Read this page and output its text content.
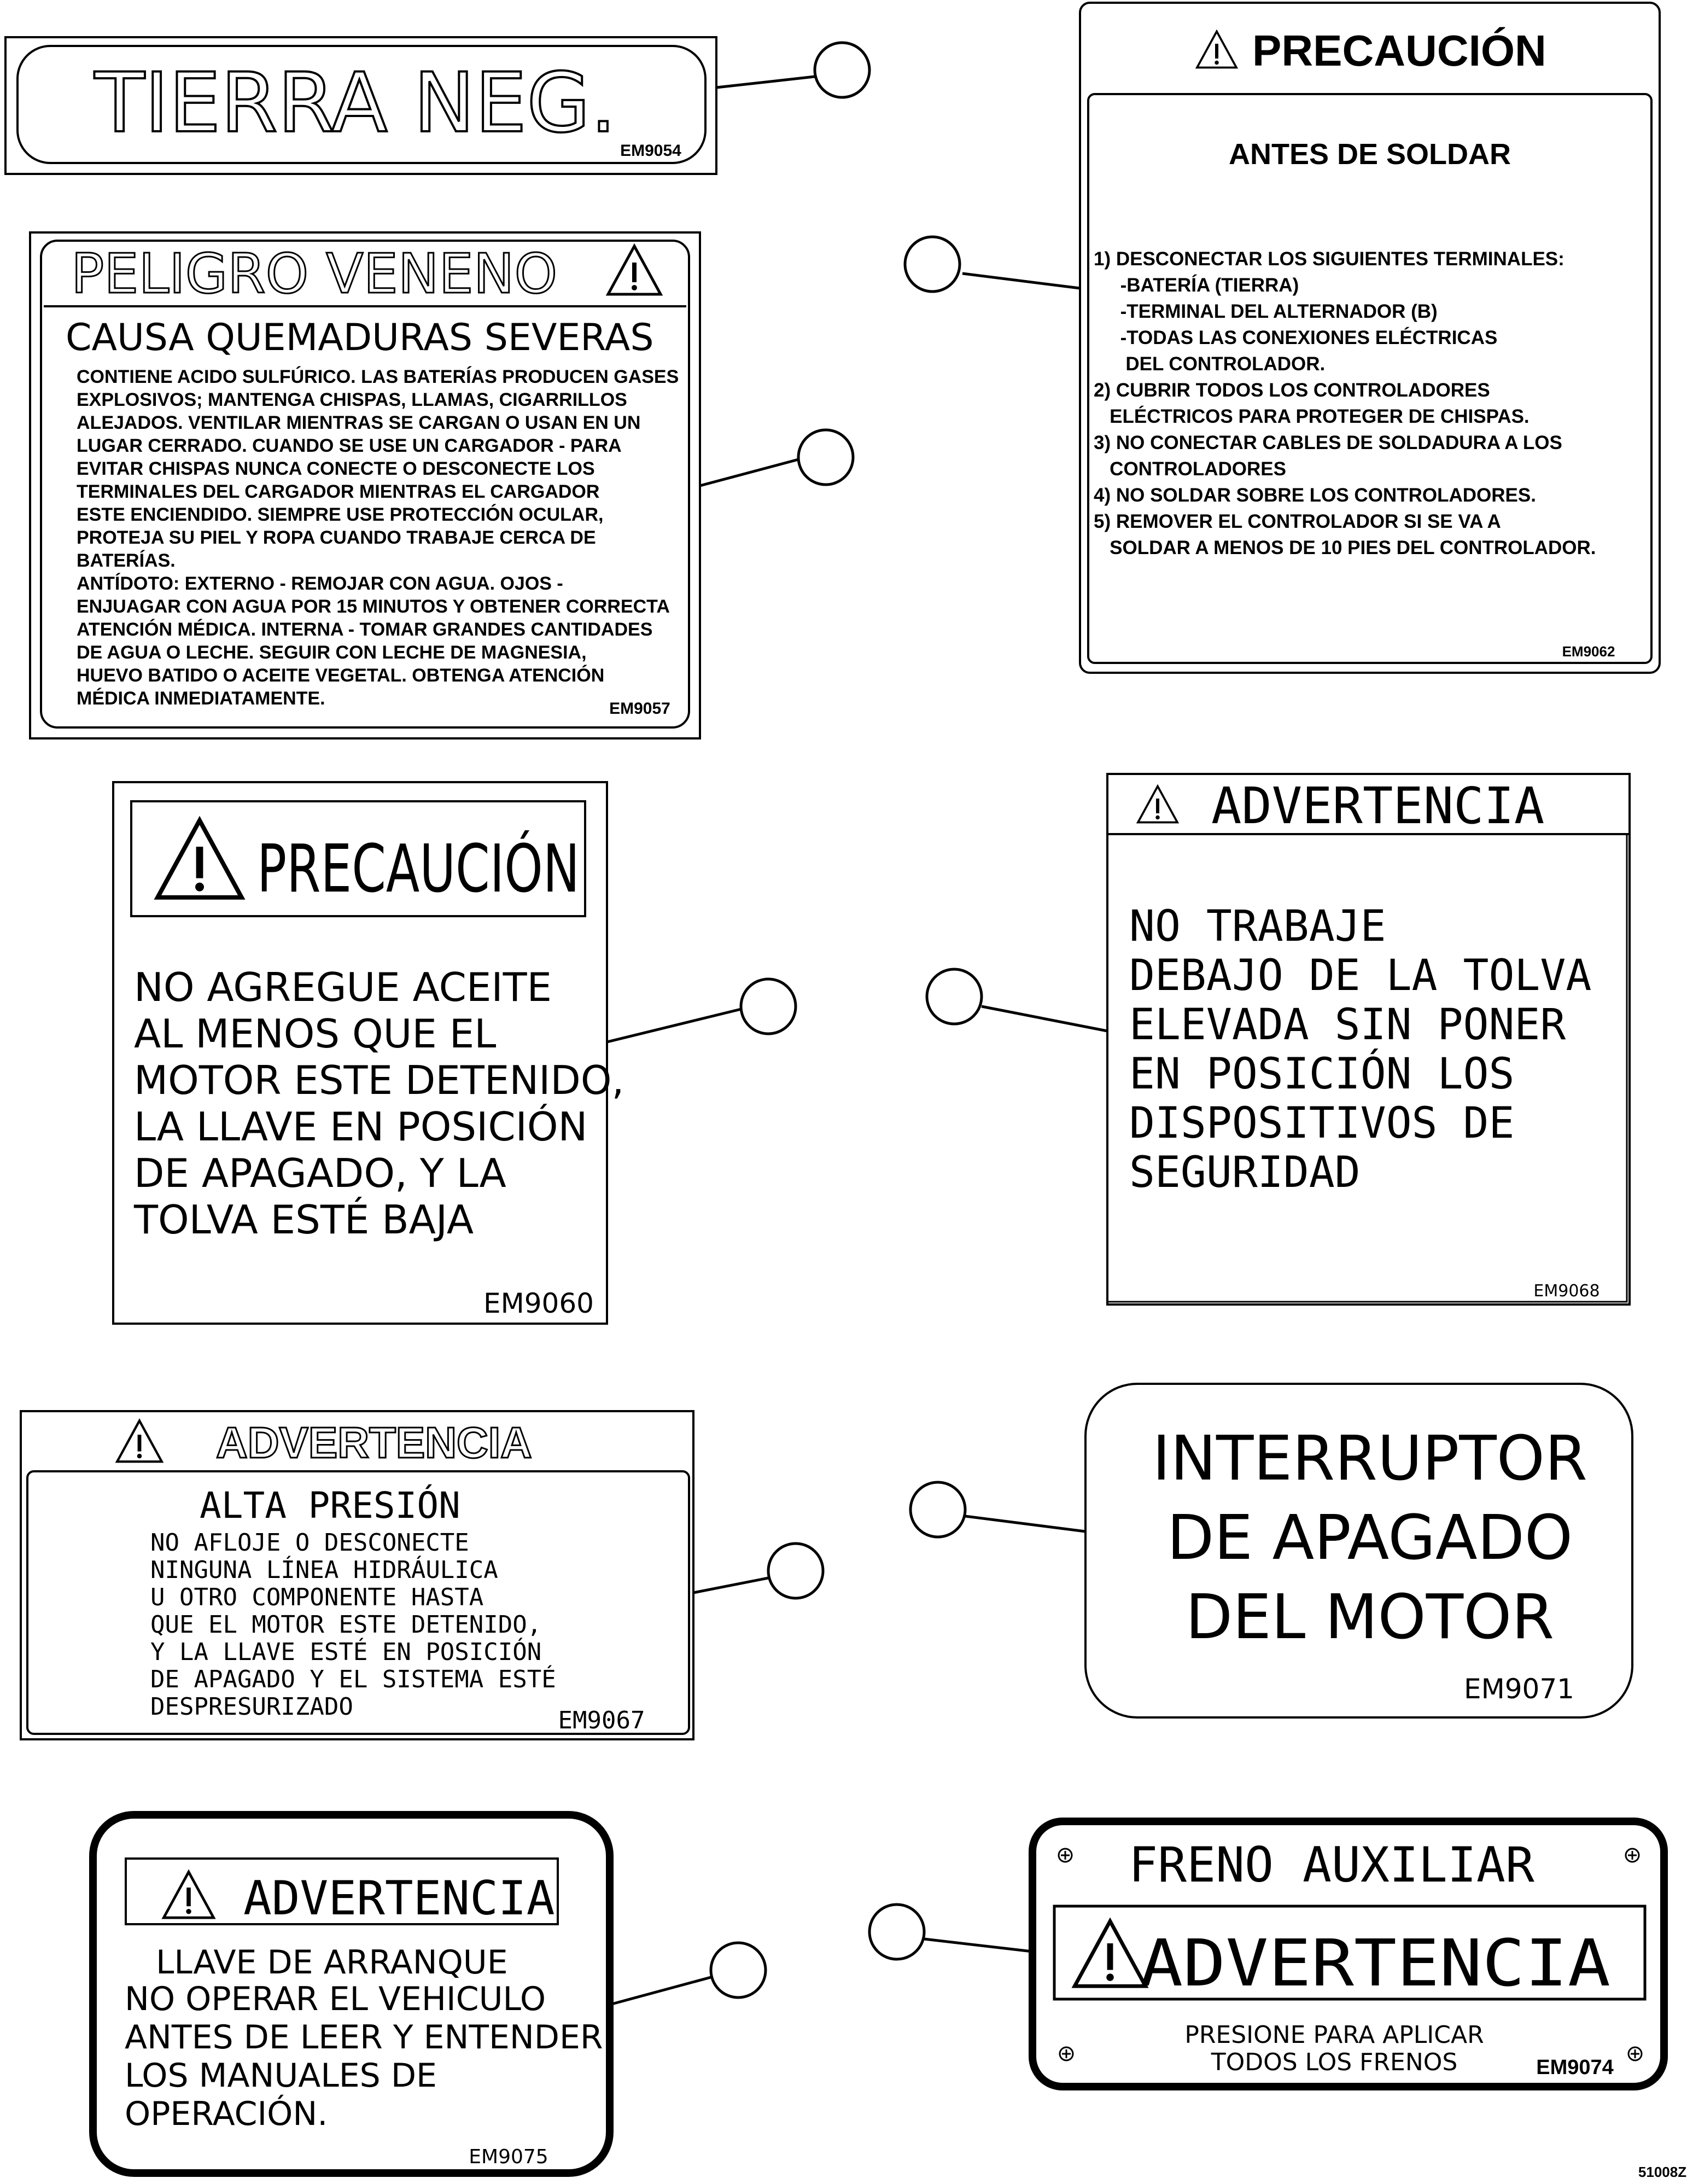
TIERRA NEG. EM9054
PELIGRO VENENO
CAUSA QUEMADURAS SEVERAS
CONTIENE ACIDO SULFÚRICO. LAS BATERÍAS PRODUCEN GASES
EXPLOSIVOS; MANTENGA CHISPAS, LLAMAS, CIGARRILLOS
ALEJADOS. VENTILAR MIENTRAS SE CARGAN O USAN EN UN
LUGAR CERRADO. CUANDO SE USE UN CARGADOR - PARA
EVITAR CHISPAS NUNCA CONECTE O DESCONECTE LOS
TERMINALES DEL CARGADOR MIENTRAS EL CARGADOR
ESTE ENCIENDIDO. SIEMPRE USE PROTECCIÓN OCULAR,
PROTEJA SU PIEL Y ROPA CUANDO TRABAJE CERCA DE
BATERÍAS.
ANTÍDOTO: EXTERNO - REMOJAR CON AGUA. OJOS -
ENJUAGAR CON AGUA POR 15 MINUTOS Y OBTENER CORRECTA
ATENCIÓN MÉDICA. INTERNA - TOMAR GRANDES CANTIDADES
DE AGUA O LECHE. SEGUIR CON LECHE DE MAGNESIA,
HUEVO BATIDO O ACEITE VEGETAL. OBTENGA ATENCIÓN
MÉDICA INMEDIATAMENTE.	EM9057
PRECAUCIÓN
ANTES DE SOLDAR
1) DESCONECTAR LOS SIGUIENTES TERMINALES:
-BATERÍA (TIERRA)
-TERMINAL DEL ALTERNADOR (B)
-TODAS LAS CONEXIONES ELÉCTRICAS
DEL CONTROLADOR.
2) CUBRIR TODOS LOS CONTROLADORES
ELÉCTRICOS PARA PROTEGER DE CHISPAS.
3) NO CONECTAR CABLES DE SOLDADURA A LOS
CONTROLADORES
4) NO SOLDAR SOBRE LOS CONTROLADORES.
5) REMOVER EL CONTROLADOR SI SE VA A
SOLDAR A MENOS DE 10 PIES DEL CONTROLADOR.
EM9062
PRECAUCIÓN
NO AGREGUE ACEITE
AL MENOS QUE EL
MOTOR ESTE DETENIDO,
LA LLAVE EN POSICIÓN
DE APAGADO, Y LA
TOLVA ESTÉ BAJA
EM9060
ADVERTENCIA
NO TRABAJE
DEBAJO DE LA TOLVA
ELEVADA SIN PONER
EN POSICIÓN LOS
DISPOSITIVOS DE
SEGURIDAD
EM9068
ADVERTENCIA
ALTA PRESIÓN
NO AFLOJE O DESCONECTE
NINGUNA LÍNEA HIDRÁULICA
U OTRO COMPONENTE HASTA
QUE EL MOTOR ESTE DETENIDO,
Y LA LLAVE ESTÉ EN POSICIÓN
DE APAGADO Y EL SISTEMA ESTÉ
DESPRESURIZADO	EM9067
INTERRUPTOR
DE APAGADO
DEL MOTOR
EM9071
ADVERTENCIA
LLAVE DE ARRANQUE
NO OPERAR EL VEHICULO
ANTES DE LEER Y ENTENDER
LOS MANUALES DE
OPERACIÓN.
EM9075
FRENO AUXILIAR
ADVERTENCIA
PRESIONE PARA APLICAR
TODOS LOS FRENOS	EM9074
51008Z
